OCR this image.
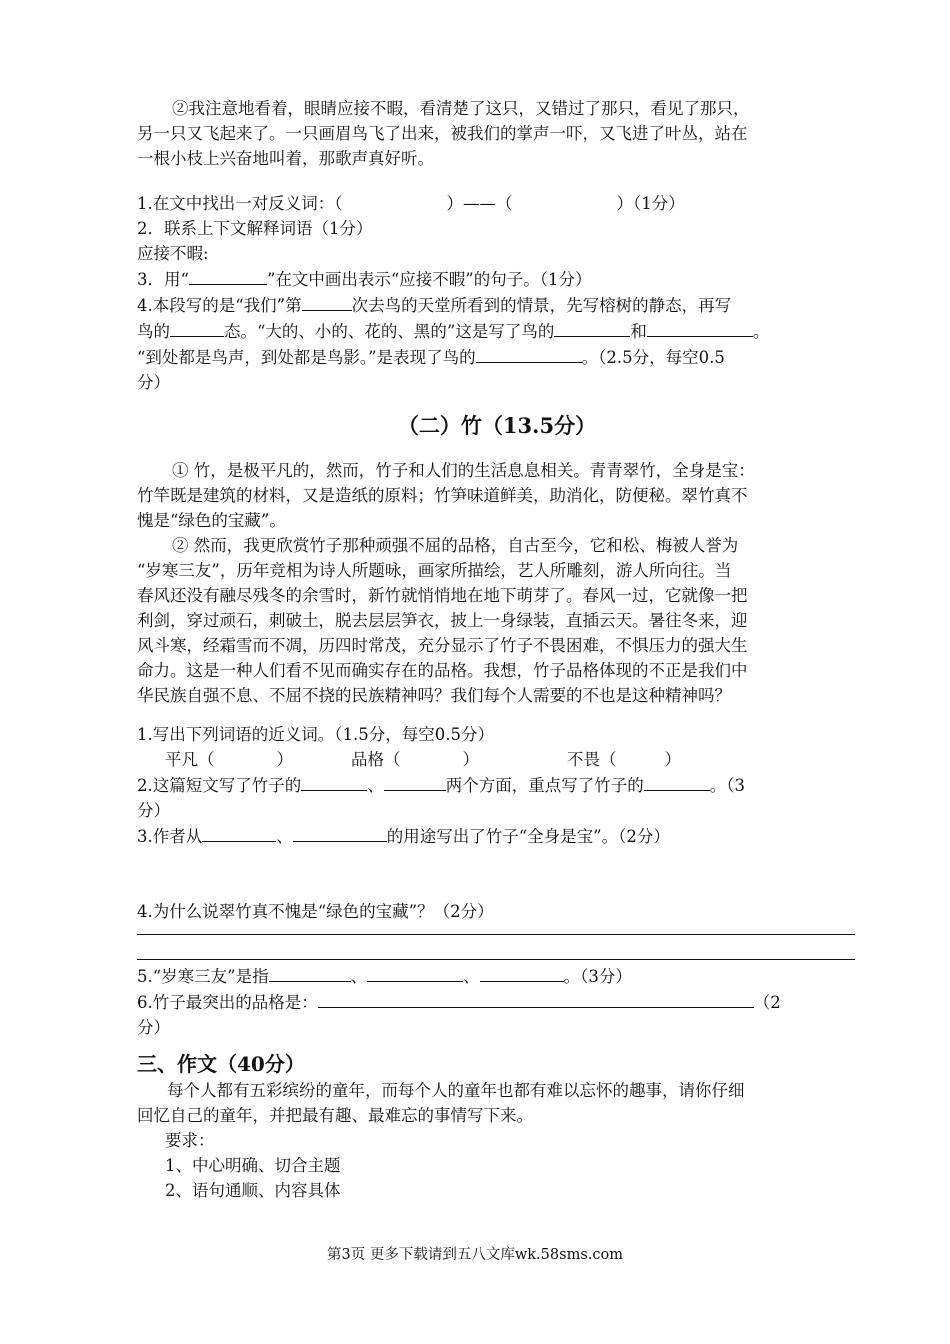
②我注意地看着，眼睛应接不暇，看清楚了这只，又错过了那只，看见了那只，
另一只又飞起来了。一只画眉鸟飞了出来，被我们的掌声一吓，又飞进了叶丛，站在
一根小枝上兴奋地叫着，那歌声真好听。
1.在文中找出一对反义词：（	）——（	）（1分）
2．联系上下文解释词语（1分）
应接不暇:
3．用“	”在文中画出表示“应接不暇”的句子。（1分）
4.本段写的是“我们”第	次去鸟的天堂所看到的情景，先写榕树的静态，再写
鸟的	态。“大的、小的、花的、黑的”这是写了鸟的	和	。
“到处都是鸟声，到处都是鸟影。”是表现了鸟的	。（2.5分，每空0.5
分）
（二）竹（13.5分）
① 竹，是极平凡的，然而，竹子和人们的生活息息相关。青青翠竹，全身是宝：
竹竿既是建筑的材料，又是造纸的原料；竹笋味道鲜美，助消化，防便秘。翠竹真不
愧是“绿色的宝藏”。
② 然而，我更欣赏竹子那种顽强不屈的品格，自古至今，它和松、梅被人誉为
“岁寒三友”，历年竞相为诗人所题咏，画家所描绘，艺人所雕刻，游人所向往。当
春风还没有融尽残冬的余雪时，新竹就悄悄地在地下萌芽了。春风一过，它就像一把
利剑，穿过顽石，刺破土，脱去层层笋衣，披上一身绿装，直插云天。暑往冬来，迎
风斗寒，经霜雪而不凋，历四时常茂，充分显示了竹子不畏困难，不惧压力的强大生
命力。这是一种人们看不见而确实存在的品格。我想，竹子品格体现的不正是我们中
华民族自强不息、不屈不挠的民族精神吗？我们每个人需要的不也是这种精神吗？
1.写出下列词语的近义词。（1.5分，每空0.5分）
平凡（	）	品格（	）	不畏（	）
2.这篇短文写了竹子的	、	两个方面，重点写了竹子的	。（3
分）
3.作者从	、	的用途写出了竹子“全身是宝”。（2分）
4.为什么说翠竹真不愧是“绿色的宝藏”？（2分）
5.“岁寒三友”是指	、	、	。（3分）
6.竹子最突出的品格是：	（2
分）
三、作文（40分）
每个人都有五彩缤纷的童年，而每个人的童年也都有难以忘怀的趣事，请你仔细
回忆自己的童年，并把最有趣、最难忘的事情写下来。
要求：
1、中心明确、切合主题
2、语句通顺、内容具体
第3页 更多下载请到五八文库wk.58sms.com
